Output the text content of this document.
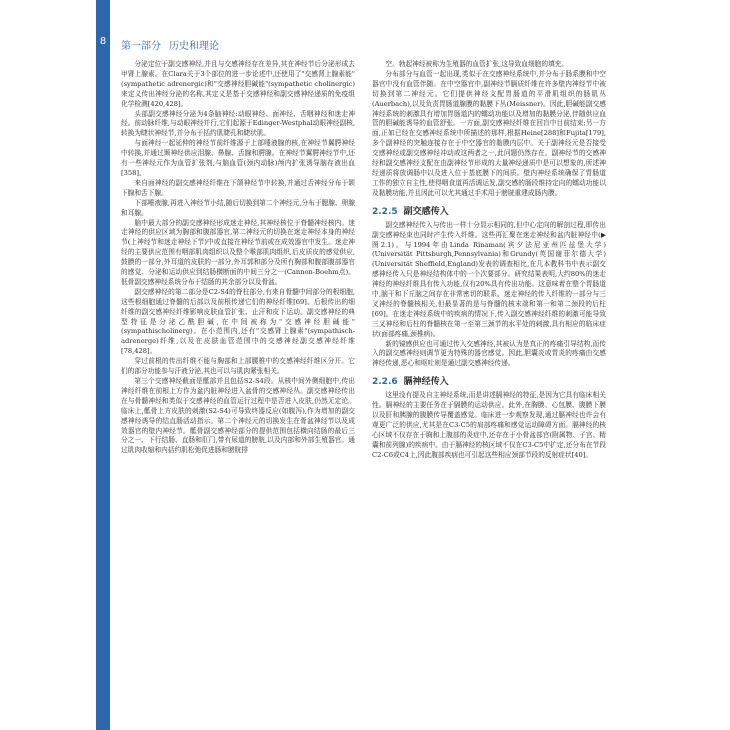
8	第一部分 历史和理论

分泌定位于副交感神经,并且与交感神经存在差异,其在神经节后分泌形成去甲肾上腺素。在Clara关于3个部位的进一步论述中,还使用了"交感肾上腺素能"(sympathetic adrenergic)和"交感神经胆碱能"(sympathetic cholinergic)来定义传出神经分泌的名称,其定义是基于交感神经和副交感神经递质的免疫组化学检测[420,428]。

头部副交感神经分泌为4条脑神经:动眼神经、面神经、舌咽神经和迷走神经。前动脉纤维,与动眼神经并行,它们起源于Edinger-Westphal动眼神经副核,转换为睫状神经节,并分布于括约肌睫孔和睫状肌。

与面神经一起延伸的神经节前纤维源于上部唾液腺的核,在神经节翼腭神经中转换,并通过颞神经供应泪腺、鼻腺、舌腺和腭腺。在神经节翼腭神经节中,还有一些神经元作为血管扩张剂,与脑血管(颈内动脉)颅内扩张诱导脑存液出血[358]。

来自面神经的副交感神经纤维在下颌神经节中转换,并通过舌神经分布于颌下腺和舌下腺。

下部唾液腺,再进入神经节小结,随后切换到第二个神经元,分布于腮腺、卵腺和耳腺。

脑中最大部分的副交感神经形成迷走神经,其神经核位于脊髓神经核内。迷走神经的供应区域为胸部和腹部器官,第二神经元的切换在迷走神经本身的神经节(上神经节和迷走神经下节)中或直接在神经节前或在成效器官中发生。迷走神经的主要供应范围有咽部肌肉组织以及整个喉部肌肉组织,后皮质皮的感觉供应,鼓膜的一部分,外耳道的皮肤的一部分,外耳郭和部分及所有胸部和腹部腹部器官的感觉、分泌和运动供应到结肠横断面的中间三分之一(Cannon-Boehm点)。低骨副交感神经系统分布于结肠的其余部分以及骨盆。

副交感神经的第二部分是C2-S4的脊柱部分,有来自骨髓中间部分的根细胞,这些根细胞通过脊髓的后部以及前根传递它们的神经纤维[69]。后根传出的细纤维的副交感神经纤维影响皮肤血管扩张、止汗和皮下运动。副交感神经的典型特征是分泌乙酰胆碱,在中间被称为"交感神经胆碱能"(sympathischolinerg)。在小范围内,还有"交感肾上腺素"(sympathisch-adrenerge)纤维,以及在皮肤血管范围中的交感神经副交感神经纤维[78,428]。

穿过前根的传出纤维不能与胸部和上部腰椎中的交感神经纤维区分开。它们的部分功能参与汗液分泌,其也可以与肌肉紧张相关。

第三个交感神经截面是骶部并且包括S2-S4段。从核中间外侧细胞中,传出神经纤维在前根上方作为盆内脏神经进入盆骨的交感神经丛。副交感神经传出在与骨髓神经和类似于交感神经的血管运行过程中是否进入皮肤,仍然无定论。临床上,骶骨上方皮肤的刺激(S2-S4)可导致终器反应(如腹泻),作为增加的副交感神经诱导的结直肠活动指示。第二个神经元的切换发生在骨盆神经节以及成效器官的壁内神经节。骶骨副交感神经部分的提供范围包括横向结肠的最后三分之一、下行结肠、直肠和肛门,带有尿道的膀胱,以及内部和外部生殖器官。通过肌肉收缩和内括约肌松弛促进肠和膀胱排

空。勃起神经被称为生殖器的血管扩张,这导致血细胞的填充。

分布部分与血管一起出现,类似于在交感神经系统中,并分布于肠系膜和中空器官中没有血管伴随。在中空器官中,副神经节膈质纤维在许多壁内神经节中被切换到第二神经元。它们提供神经支配胃肠道的平滑肌组织的肠肌丛(Auerbach),以及负责胃肠道腺膜的黏膜下丛(Meissner)。因此,胆碱能副交感神经系统的刺激具有增加胃肠道内的蠕动功能以及增加的黏膜分泌,伴随供应血管的胆碱能诱导的血管舒张。一方面,副交感神经纤维在回盲中目前结束;另一方面,正如已经在交感神经系统中所描述的那样,根据Heine[288]和Fujita[179],多个副神经的突触连接存在于中空器官的黏膜内层中。关于副神经元是否接受交感神经或副交感神经冲动或这两者之一,此问题仍然存在。副神经节的交感神经和副交感神经支配在由副神经节形成的大量神经递质中是可以想象的,所述神经递质将放调肠中以及进入位于基底膜下的间质。壁内神经系统确保了胃肠道工作的独立自主性,使得咽食道再活调运发,副交感的肠段维持定向的蠕动功能以及黏膜功能,并且因此可以尤其通过手术用于膀胱重建成肠内膜。

2.2.5 副交感传入

副交感神经传入与传出一样十分显示相同的,但中心定向的解剖过程,即传出副交感神经束也同时产生传入纤维。这些再汇聚在迷走神经和盆内脏神经中(▶图2.1)。与1994年由Linda Rinaman(宾夕法尼亚州匹兹堡大学)(Universität Pittsburgh,Pennsylvania)和Grundy(英国谢菲尔德大学)(Universität Sheffield,England)发表的调查相比,在几本教科书中表示副交感神经传入只是神经结构体中的一个次要部分。研究结果表明,大约80%的迷走神经的神经纤维具有传入功能,仅有20%具有传出功能。这意味着在整个胃肠道中,脑干和下丘脑之间存在非常密切的联系。迷走神经的传入纤维的一部分与三叉神经的脊髓核相关,但最显著的是与脊髓的核末端和第一和第二颈段的后柱[69]。在迷走神经系统中的疾病的情况下,传入副交感神经纤维的刺激可能导致三叉神经和后柱的脊髓核在第一至第三颈节的水平处的刺激,具有相应的临床症状(面部疼痛,颈椎病)。

新的镜感供应也可通过传入交感神经,其被认为是真正的疼痛引导结构,而传入的副交感神经则调节更为特殊的器官感觉。因此,胆囊炎或胃炎的疼痛由交感神经传递,恶心和呕吐则是通过副交感神经传递。

2.2.6 膈神经传入

这里没有提及自主神经系统,而是讲述膈神经的特征,是因为它具有临床相关性。膈神经的主要任务在于膈膜的运动供应。此外,在胸膜、心包膜、腹膜下膜以及肝和胰腺的腹膜传导覆盖感觉。临床进一步观察发现,通过膈神经也许会有观更广泛的供应,尤其是在C3-C5的肩部疼痛和感觉运动障碍方面。膈神经的核心区域不仅存在于胸和上腹部的炎症中,还存在于小骨盆部官(附属物、子宫、精囊和前列腺)的疾病中。由于膈神经的核区域不仅在C3-C5中扩定,还分布在节段C2-C6或C4上,因此腹部疾病也可引起这些相应颈部节段的反射症状[40]。
